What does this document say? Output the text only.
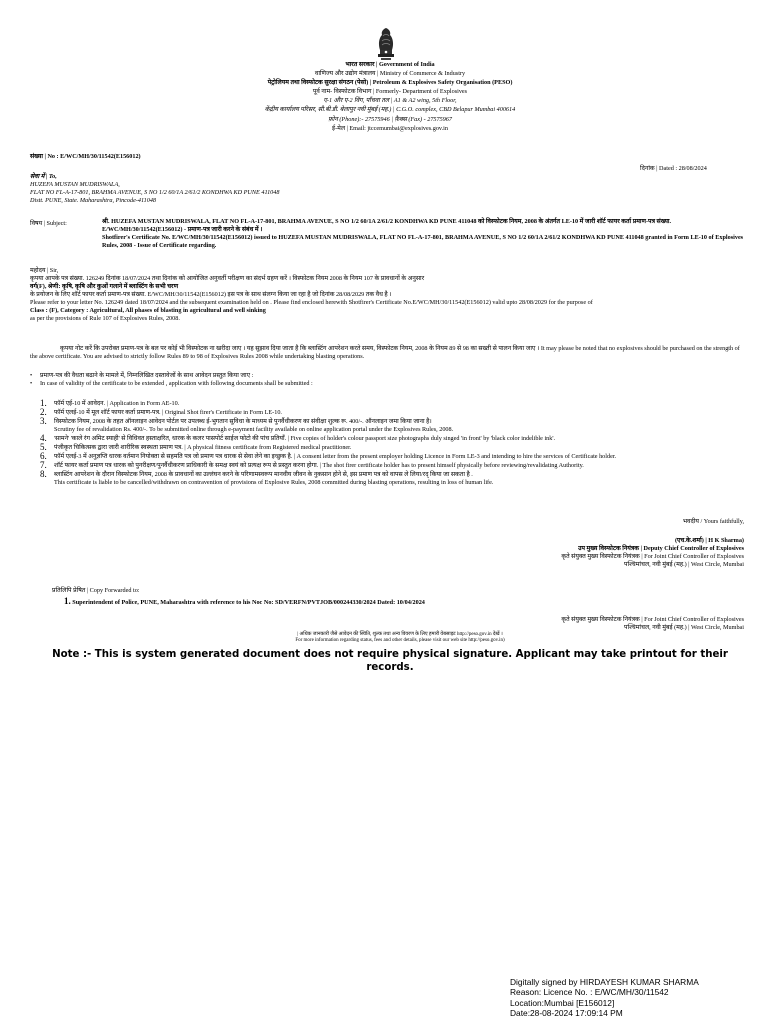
भारत सरकार | Government of India
वाणिज्य और उद्योग मंत्रालय | Ministry of Commerce & Industry
पेट्रोलियम तथा विस्फोटक सुरक्षा संगठन (पेसो) | Petroleum & Explosives Safety Organisation (PESO)
पूर्व नाम- विस्फोटक विभाग | Formerly- Department of Explosives
ए-1 और ए-2 विंग, पाँचवा तल | A1 & A2 wing, 5th Floor,
केंद्रीय कार्यालय परिसर, सी.बी.डी. बेलापुर नवी मुंबई (मह.) | C.G.O. complex, CBD Belapur Mumbai 400614
फ़ोन (Phone):- 27575946 | फ़ैक्स (Fax) - 27575967
ई-मेल | Email: jtccemumbai@explosives.gov.in
संख्या | No : E/WC/MH/30/11542(E156012)
दिनांक | Dated : 28/08/2024
सेवा में | To,
HUZEFA MUSTAN MUDRISWALA,
FLAT NO FL-A-17-801, BRAHMA AVENUE, S NO 1/2 60/1A 2/61/2 KONDHWA KD PUNE 411048
Distt. PUNE, State. Maharashtra, Pincode-411048
विषय | Subject:	श्री. HUZEFA MUSTAN MUDRISWALA, FLAT NO FL-A-17-801, BRAHMA AVENUE, S NO 1/2 60/1A 2/61/2 KONDHWA KD PUNE 411048 को विस्फोटक नियम, 2008 के अंतर्गत LE-10 में जारी शॉर्ट फायर कर्ता प्रमाण-पत्र संख्या. E/WC/MH/30/11542(E156012) - प्रमाण-पत्र जारी करने के संबंध में ।
Shotfirer's Certificate No. E/WC/MH/30/11542(E156012) issued to HUZEFA MUSTAN MUDRISWALA, FLAT NO FL-A-17-801, BRAHMA AVENUE, S NO 1/2 60/1A 2/61/2 KONDHWA KD PUNE 411048 granted in Form LE-10 of Explosives Rules, 2008 - Issue of Certificate regarding.
महोदय | Sir,
कृपया आपके पत्र संख्या. 126249 दिनांक 18/07/2024 तथा दिनांक को आयोजित अनुवर्ती परीक्षण का संदर्भ ग्रहण करें । विस्फोटक नियम 2008 के नियम 107 के प्रावधानों के अनुसार
वर्ग(F), श्रेणी: कृषि, कृषि और कुओं गलाने में ब्लास्टिंग के सभी चरण
के प्रयोजन के लिए शॉर्ट फायर कर्ता प्रमाण-पत्र संख्या. E/WC/MH/30/11542(E156012) इस पत्र के साथ संलग्न किया जा रहा है जो दिनांक 28/08/2029 तक वैध है ।
Please refer to your letter No. 126249 dated 18/07/2024 and the subsequent examination held on . Please find enclosed herewith Shotfirer's Certificate No.E/WC/MH/30/11542(E156012) valid upto 28/08/2029 for the purpose of
Class : (F), Category : Agricultural, All phases of blasting in agricultural and well sinking
as per the provisions of Rule 107 of Explosives Rules, 2008.
कृपया नोट करें कि उपरोक्त प्रमाण-पत्र के बल पर कोई भी विस्फोटक ना खरीदा जाए । यह सुझाव दिया जाता है कि ब्लास्टिंग आपरेशन करते समय, विस्फोटक नियम, 2008 के नियम 89 से 98 का सख्ती से पालन किया जाए । It may please be noted that no explosives should be purchased on the strength of the above certificate. You are advised to strictly follow Rules 89 to 98 of Explosives Rules 2008 while undertaking blasting operations.
• प्रमाण-पत्र की वैधता बढाने के मामले में, निम्नलिखित दस्तावेजों के साथ आवेदन प्रस्तुत किया जाए :
• In case of validity of the certificate to be extended , application with following documents shall be submitted :
1. फॉर्म एई-10 में आवेदन. | Application in Form AE-10.
2. फॉर्म एलई-10 में मूल शॉर्ट फायर कर्ता प्रमाण-पत्र. | Original Shot firer's Certificate in Form LE-10.
3. विस्फोटक नियम, 2008 के तहत ऑनलाइन आवेदन पोर्टल पर उपलब्ध ई-भुगतान सुविधा के माध्यम से पुनर्वैधीकरण का संवीक्षा शुल्क रू. 400/-. ऑनलाइन जमा किया जाना है।
Scrutiny fee of revalidation Rs. 400/-. To be submitted online through e-payment facility available on online application portal under the Explosives Rules, 2008.
4. 'सामने' 'काले रंग अमिट स्याही' से विधिवत हस्ताक्षरित, धारक के कलर पासपोर्ट साईज फोटो की पांच प्रतियाँ. | Five copies of holder's colour passport size photographs duly singed 'in front' by 'black color indelible ink'.
5. पंजीकृत चिकित्सक द्वारा जारी शारीरिक स्वस्थता प्रमाण पत्र. | A physical fitness certificate from Registered medical practitioner.
6. फॉर्म एलई-3 में अनुज्ञप्ति धारक वर्तमान नियोक्ता से सहमति पत्र जो प्रमाण पत्र धारक से सेवा लेने का इच्छुक है. | A consent letter from the present employer holding Licence in Form LE-3 and intending to hire the services of Certificate holder.
7. शॉर्ट फायर कर्ता प्रमाण पत्र धारक को पुनरीक्षण/पुनर्वैधीकरण प्राधिकारी के समक्ष स्वयं को प्रत्यक्ष रूप से प्रस्तुत करना होगा. | The shot firer certificate holder has to present himself physically before reviewing/revalidating Authority.
8. ब्लास्टिंग आपरेशन के दौरान विस्फोटक नियम, 2008 के प्रावधानों का उल्लंघन करने के परिणामस्वरूप मानवीय जीवन के नुकसान होने से, इस प्रमाण पत्र को वापस ले लिया/रद् किया जा सकता है .
This certificate is liable to be cancelled/withdrawn on contravention of provisions of Explosive Rules, 2008 committed during blasting operations, resulting in loss of human life.
भवदीय / Yours faithfully,
(एच.के.शर्मा) | H K Sharma)
उप मुख्य विस्फोटक नियंत्रक | Deputy Chief Controller of Explosives
कृते संयुक्त मुख्य विस्फोटक नियंत्रक | For Joint Chief Controller of Explosives
पश्चिमांचल, नवी मुंबई (मह.) | West Circle, Mumbai
प्रतिलिपि प्रेषित | Copy Forwarded to:
1. Superintendent of Police, PUNE, Maharashtra with reference to his Noc No: SD/VERFN/PVTJOB/000244330/2024 Dated: 10/04/2024
कृते संयुक्त मुख्य विस्फोटक नियंत्रक | For Joint Chief Controller of Explosives
पश्चिमांचल, नवी मुंबई (मह.) | West Circle, Mumbai
| अधिक जानकारी जैसे आवेदन की स्थिति, शुल्क तथा अन्य विवरण के लिए हमारी वेबसाइट http://peso.gov.in देखें ।
For more information regarding status, fees and other details, please visit our web site http://peso.gov.in)
Note :- This is system generated document does not require physical signature. Applicant may take printout for their records.
Digitally signed by HIRDAYESH KUMAR SHARMA
Reason: Licence No. : E/WC/MH/30/11542
Location:Mumbai [E156012]
Date:28-08-2024 17:09:14 PM
